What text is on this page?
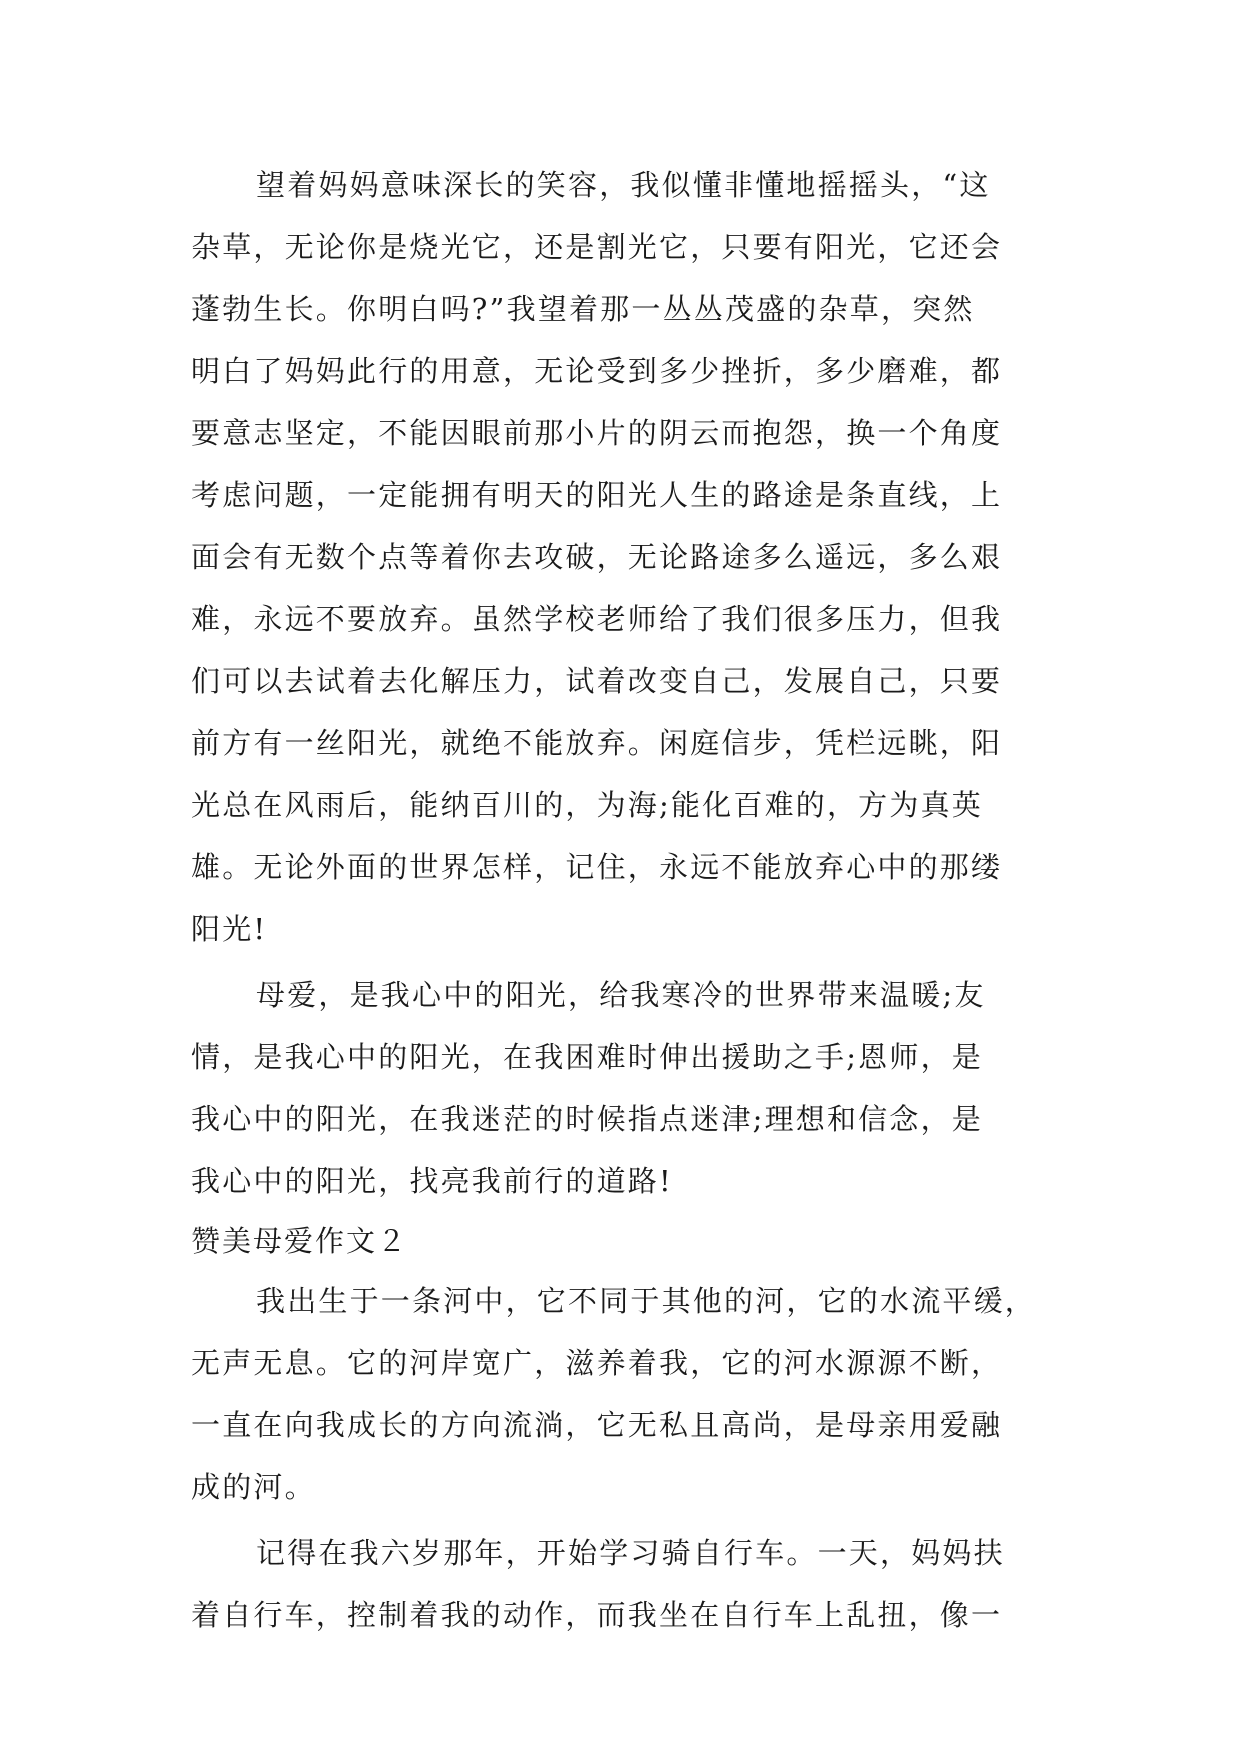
望着妈妈意味深长的笑容，我似懂非懂地摇摇头，“这
杂草，无论你是烧光它，还是割光它，只要有阳光，它还会
蓬勃生长。你明白吗?”我望着那一丛丛茂盛的杂草，突然
明白了妈妈此行的用意，无论受到多少挫折，多少磨难，都
要意志坚定，不能因眼前那小片的阴云而抱怨，换一个角度
考虑问题，一定能拥有明天的阳光人生的路途是条直线，上
面会有无数个点等着你去攻破，无论路途多么遥远，多么艰
难，永远不要放弃。虽然学校老师给了我们很多压力，但我
们可以去试着去化解压力，试着改变自己，发展自己，只要
前方有一丝阳光，就绝不能放弃。闲庭信步，凭栏远眺，阳
光总在风雨后，能纳百川的，为海;能化百难的，方为真英
雄。无论外面的世界怎样，记住，永远不能放弃心中的那缕
阳光!
母爱，是我心中的阳光，给我寒冷的世界带来温暖;友
情，是我心中的阳光，在我困难时伸出援助之手;恩师，是
我心中的阳光，在我迷茫的时候指点迷津;理想和信念，是
我心中的阳光，找亮我前行的道路!
赞美母爱作文２
我出生于一条河中，它不同于其他的河，它的水流平缓，
无声无息。它的河岸宽广，滋养着我，它的河水源源不断，
一直在向我成长的方向流淌，它无私且高尚，是母亲用爱融
成的河。
记得在我六岁那年，开始学习骑自行车。一天，妈妈扶
着自行车，控制着我的动作，而我坐在自行车上乱扭，像一
